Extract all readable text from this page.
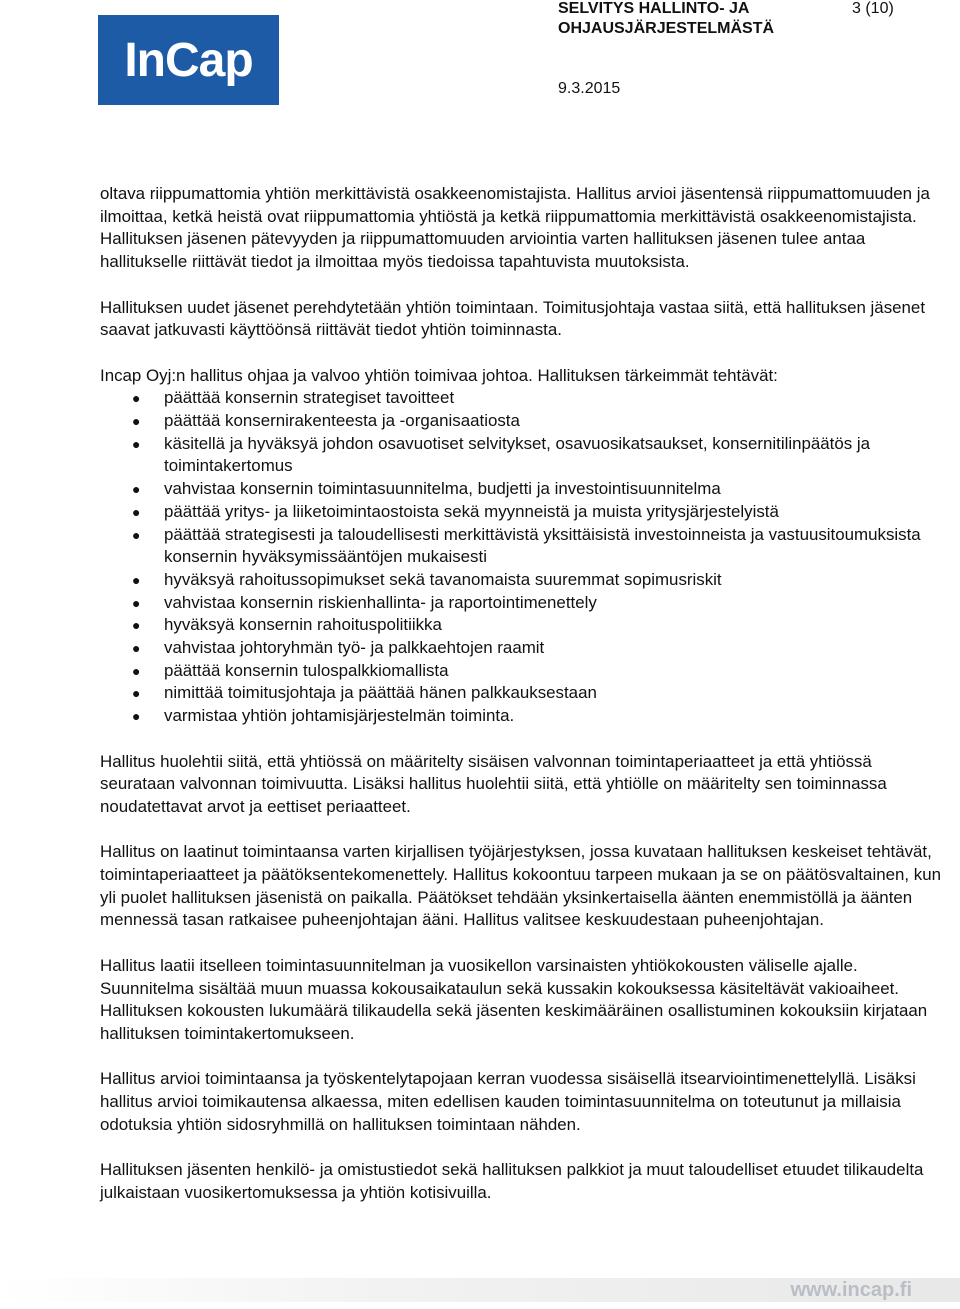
InCap
SELVITYS HALLINTO- JA
OHJAUSJÄRJESTELMÄSTÄ
3 (10)
9.3.2015

oltava riippumattomia yhtiön merkittävistä osakkeenomistajista. Hallitus arvioi jäsentensä riippumattomuuden ja ilmoittaa, ketkä heistä ovat riippumattomia yhtiöstä ja ketkä riippumattomia merkittävistä osakkeenomistajista. Hallituksen jäsenen pätevyyden ja riippumattomuuden arviointia varten hallituksen jäsenen tulee antaa hallitukselle riittävät tiedot ja ilmoittaa myös tiedoissa tapahtuvista muutoksista.

Hallituksen uudet jäsenet perehdytetään yhtiön toimintaan. Toimitusjohtaja vastaa siitä, että hallituksen jäsenet saavat jatkuvasti käyttöönsä riittävät tiedot yhtiön toiminnasta.

Incap Oyj:n hallitus ohjaa ja valvoo yhtiön toimivaa johtoa. Hallituksen tärkeimmät tehtävät:
● päättää konsernin strategiset tavoitteet
● päättää konsernirakenteesta ja -organisaatiosta
● käsitellä ja hyväksyä johdon osavuotiset selvitykset, osavuosikatsaukset, konsernitilinpäätös ja toimintakertomus
● vahvistaa konsernin toimintasuunnitelma, budjetti ja investointisuunnitelma
● päättää yritys- ja liiketoimintaostoista sekä myynneistä ja muista yritysjärjestelyistä
● päättää strategisesti ja taloudellisesti merkittävistä yksittäisistä investoinneista ja vastuusitoumuksista konsernin hyväksymissääntöjen mukaisesti
● hyväksyä rahoitussopimukset sekä tavanomaista suuremmat sopimusriskit
● vahvistaa konsernin riskienhallinta- ja raportointimenettely
● hyväksyä konsernin rahoituspolitiikka
● vahvistaa johtoryhmän työ- ja palkkaehtojen raamit
● päättää konsernin tulospalkkiomallista
● nimittää toimitusjohtaja ja päättää hänen palkkauksestaan
● varmistaa yhtiön johtamisjärjestelmän toiminta.

Hallitus huolehtii siitä, että yhtiössä on määritelty sisäisen valvonnan toimintaperiaatteet ja että yhtiössä seurataan valvonnan toimivuutta. Lisäksi hallitus huolehtii siitä, että yhtiölle on määritelty sen toiminnassa noudatettavat arvot ja eettiset periaatteet.

Hallitus on laatinut toimintaansa varten kirjallisen työjärjestyksen, jossa kuvataan hallituksen keskeiset tehtävät, toimintaperiaatteet ja päätöksentekomenettely. Hallitus kokoontuu tarpeen mukaan ja se on päätösvaltainen, kun yli puolet hallituksen jäsenistä on paikalla. Päätökset tehdään yksinkertaisella äänten enemmistöllä ja äänten mennessä tasan ratkaisee puheenjohtajan ääni. Hallitus valitsee keskuudestaan puheenjohtajan.

Hallitus laatii itselleen toimintasuunnitelman ja vuosikellon varsinaisten yhtiökokousten väliselle ajalle. Suunnitelma sisältää muun muassa kokousaikataulun sekä kussakin kokouksessa käsiteltävät vakioaiheet. Hallituksen kokousten lukumäärä tilikaudella sekä jäsenten keskimääräinen osallistuminen kokouksiin kirjataan hallituksen toimintakertomukseen.

Hallitus arvioi toimintaansa ja työskentelytapojaan kerran vuodessa sisäisellä itsearviointimenettelyllä. Lisäksi hallitus arvioi toimikautensa alkaessa, miten edellisen kauden toimintasuunnitelma on toteutunut ja millaisia odotuksia yhtiön sidosryhmillä on hallituksen toimintaan nähden.

Hallituksen jäsenten henkilö- ja omistustiedot sekä hallituksen palkkiot ja muut taloudelliset etuudet tilikaudelta julkaistaan vuosikertomuksessa ja yhtiön kotisivuilla.

www.incap.fi
